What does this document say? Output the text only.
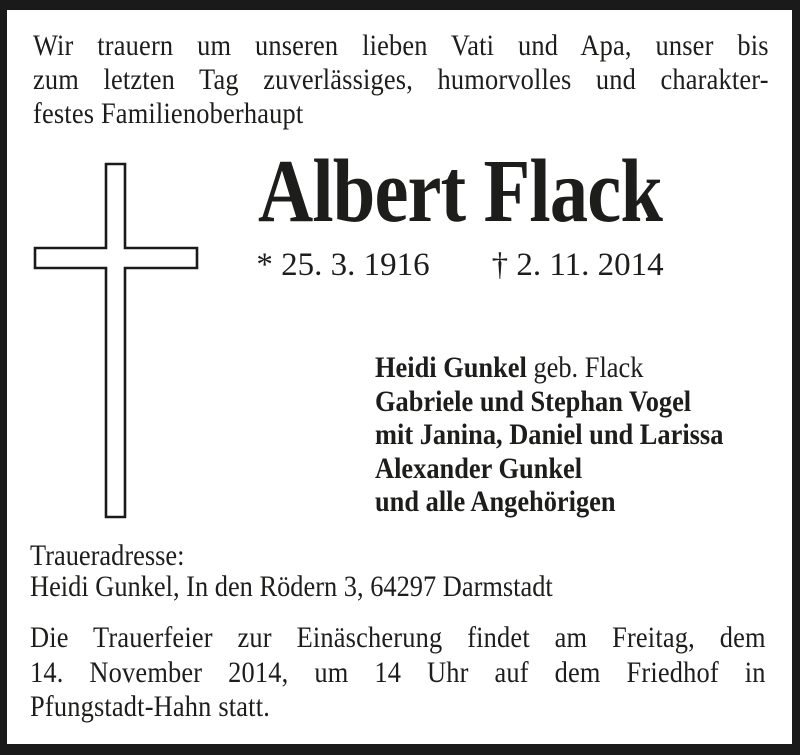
Wir trauern um unseren lieben Vati und Apa, unser bis
zum letzten Tag zuverlässiges, humorvolles und charakter-
festes Familienoberhaupt
Albert Flack
* 25. 3. 1916 † 2. 11. 2014
Heidi Gunkel geb. Flack
Gabriele und Stephan Vogel
mit Janina, Daniel und Larissa
Alexander Gunkel
und alle Angehörigen
Traueradresse:
Heidi Gunkel, In den Rödern 3, 64297 Darmstadt
Die Trauerfeier zur Einäscherung findet am Freitag, dem
14. November 2014, um 14 Uhr auf dem Friedhof in
Pfungstadt-Hahn statt.
